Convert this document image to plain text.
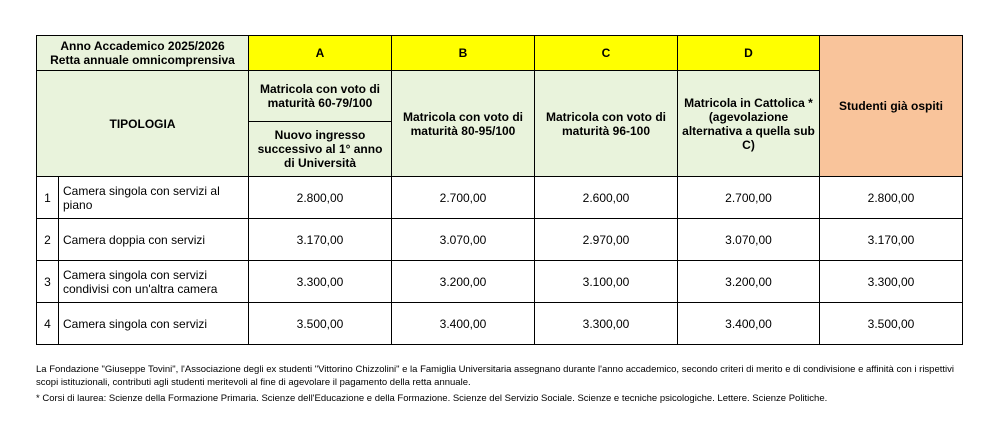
Anno Accademico 2025/2026
Retta annuale omnicomprensiva		A	B	C	D	Studenti già ospiti
TIPOLOGIA		Matricola con voto di maturità 60-79/100	Matricola con voto di maturità 80-95/100	Matricola con voto di maturità 96-100	Matricola in Cattolica * (agevolazione alternativa a quella sub C)	
		Nuovo ingresso successivo al 1° anno di Università				
1	Camera singola con servizi al piano	2.800,00	2.700,00	2.600,00	2.700,00	2.800,00
2	Camera doppia con servizi	3.170,00	3.070,00	2.970,00	3.070,00	3.170,00
3	Camera singola con servizi condivisi con un'altra camera	3.300,00	3.200,00	3.100,00	3.200,00	3.300,00
4	Camera singola con servizi	3.500,00	3.400,00	3.300,00	3.400,00	3.500,00
La Fondazione "Giuseppe Tovini", l'Associazione degli ex studenti "Vittorino Chizzolini" e la Famiglia Universitaria assegnano durante l'anno accademico, secondo criteri di merito e di condivisione e affinità con i rispettivi scopi istituzionali, contributi agli studenti meritevoli al fine di agevolare il pagamento della retta annuale.
* Corsi di laurea: Scienze della Formazione Primaria. Scienze dell'Educazione e della Formazione. Scienze del Servizio Sociale. Scienze e tecniche psicologiche. Lettere. Scienze Politiche.
